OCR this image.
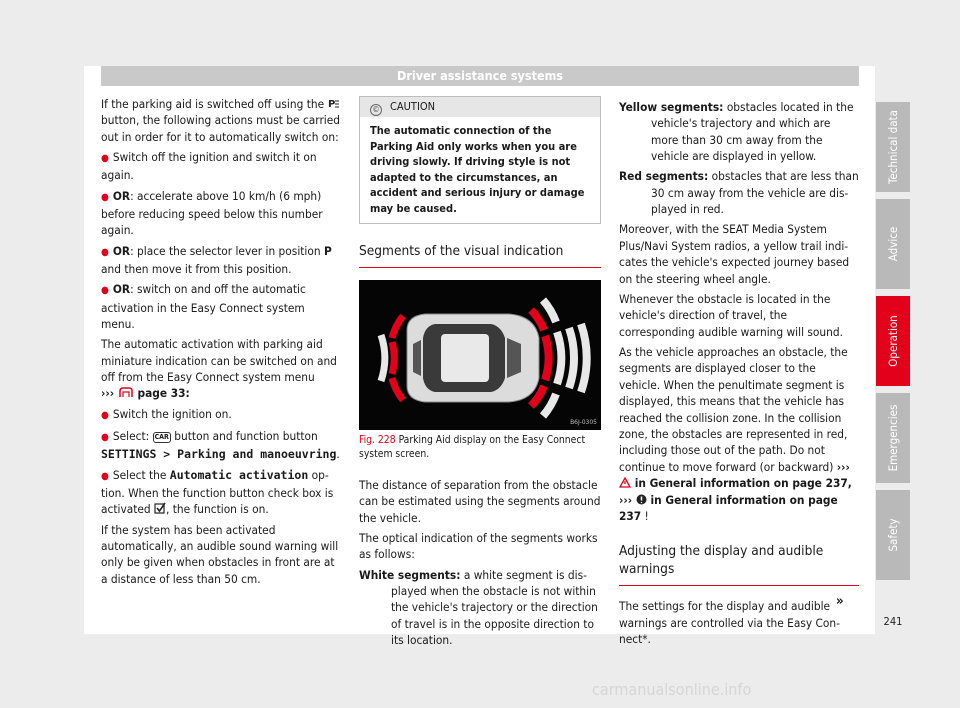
Driver assistance systems

If the parking aid is switched off using the P
button, the following actions must be carried out in order for it to automatically switch on:

● Switch off the ignition and switch it on again.
● OR: accelerate above 10 km/h (6 mph) before reducing speed below this number again.
● OR: place the selector lever in position P and then move it from this position.
● OR: switch on and off the automatic activation in the Easy Connect system menu.

The automatic activation with parking aid miniature indication can be switched on and off from the Easy Connect system menu
››› page 33:

● Switch the ignition on.
● Select: CAR button and function button
SETTINGS > Parking and manoeuvring.
● Select the Automatic activation option. When the function button check box is activated , the function is on.

If the system has been activated automatically, an audible sound warning will only be given when obstacles in front are at a distance of less than 50 cm.

© CAUTION
The automatic connection of the Parking Aid only works when you are driving slowly. If driving style is not adapted to the circumstances, an accident and serious injury or damage may be caused.
Segments of the visual indication
B6J-0305
Fig. 228 Parking Aid display on the Easy Connect system screen.

The distance of separation from the obstacle can be estimated using the segments around the vehicle.

The optical indication of the segments works as follows:

White segments: a white segment is displayed when the obstacle is not within the vehicle's trajectory or the direction of travel is in the opposite direction to its location.
Yellow segments: obstacles located in the vehicle's trajectory and which are more than 30 cm away from the vehicle are displayed in yellow.
Red segments: obstacles that are less than 30 cm away from the vehicle are displayed in red.

Moreover, with the SEAT Media System Plus/Navi System radios, a yellow trail indicates the vehicle's expected journey based on the steering wheel angle.

Whenever the obstacle is located in the vehicle's direction of travel, the corresponding audible warning will sound.

As the vehicle approaches an obstacle, the segments are displayed closer to the vehicle. When the penultimate segment is displayed, this means that the vehicle has reached the collision zone. In the collision zone, the obstacles are represented in red, including those out of the path. Do not continue to move forward (or backward) ›››  in General information on page 237, ››› in General information on page 237 !

Adjusting the display and audible warnings

The settings for the display and audible warnings are controlled via the Easy Connect*.

»
Technical data
Advice
Operation
Emergencies
Safety
241
carmanualsonline.info
